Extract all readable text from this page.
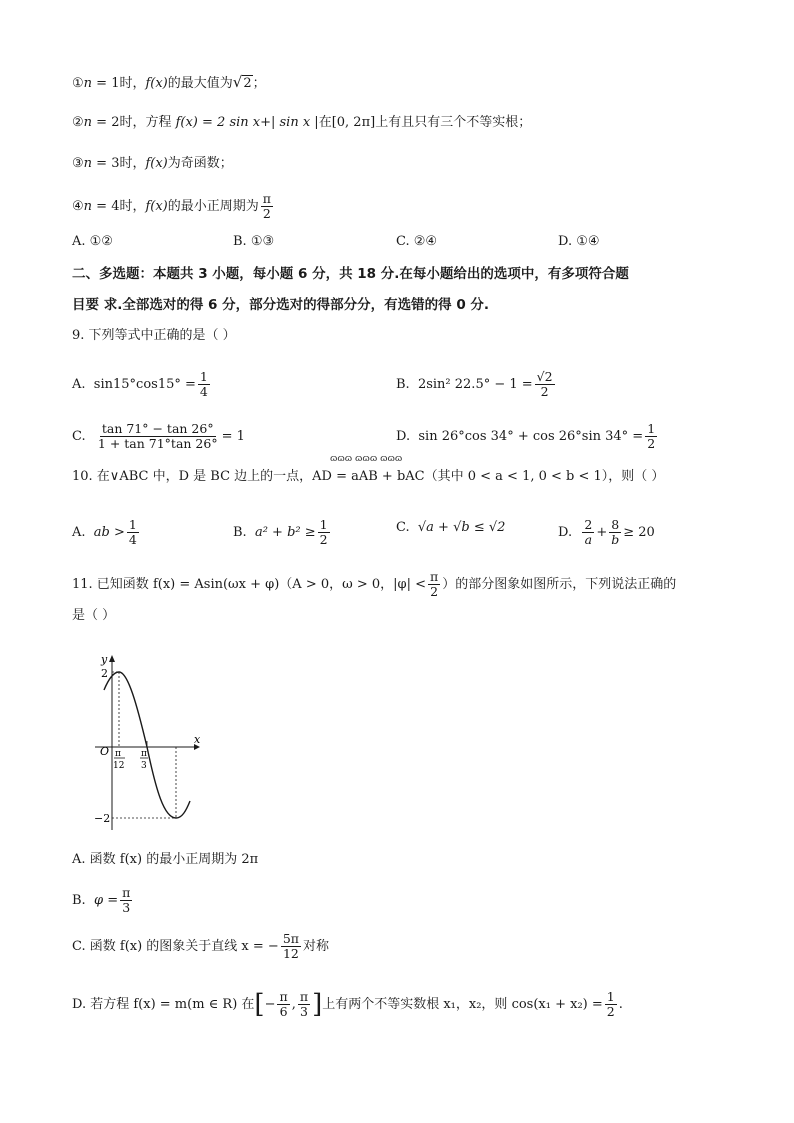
①n = 1时，f(x)的最大值为√2；
②n = 2时，方程 f(x) = 2 sin x+| sin x |在[0, 2π]上有且只有三个不等实根；
③n = 3时，f(x)为奇函数；
④n = 4时，f(x)的最小正周期为 $\frac{\pi}{2}$
A. ①②	B. ①③	C. ②④	D. ①④
二、多选题：本题共 3 小题，每小题 6 分，共 18 分.在每小题给出的选项中，有多项符合题
目要 求.全部选对的得 6 分，部分选对的得部分分，有选错的得 0 分.
9. 下列等式中正确的是（ ）
A. $\sin 15^\circ\cos 15^\circ = \frac{1}{4}$	B. 2sin² $22.5^\circ - 1 = \frac{√2}{2}$
C. $\frac{\tan 71^\circ - \tan 26^\circ}{1 + \tan 71^\circ\tan 26^\circ} = 1$	D. sin 26°cos 34° + cos 26°sin $34^\circ = \frac{1}{2}$
ɷɷɷ ɷɷɷ ɷɷɷ
10. 在∨ABC 中，D 是 BC 边上的一点，AD = aAB + bAC（其中 0 < a < 1, 0 < b < 1），则（ ）
A. ab > $\frac{1}{4}$	B. $a^2 + b^2 \ge \frac{1}{2}$	C. √a + √b ≤ √2	D. $\frac{2}{a} + \frac{8}{b} \ge 20$
11. 已知函数 f(x) = Asin(ωx + φ)（A > 0，ω > 0，$|\varphi| < \frac{\pi}{2}$ ）的部分图象如图所示，下列说法正确的
是（ ）
y
x
O
2
−2
π
12
π
3
A. 函数 f(x) 的最小正周期为 2π
B. $\varphi = \frac{\pi}{3}$
C. 函数 f(x) 的图象关于直线 x = − $\frac{5\pi}{12}$ 对称
D. 若方程 f(x) = m(m ∈ R) 在[− $\frac{\pi}{6}$ , $\frac{\pi}{3}$ ]上有两个不等实数根 x₁，x₂，则 $\cos(x_1 + x_2) = \frac{1}{2}$ .
